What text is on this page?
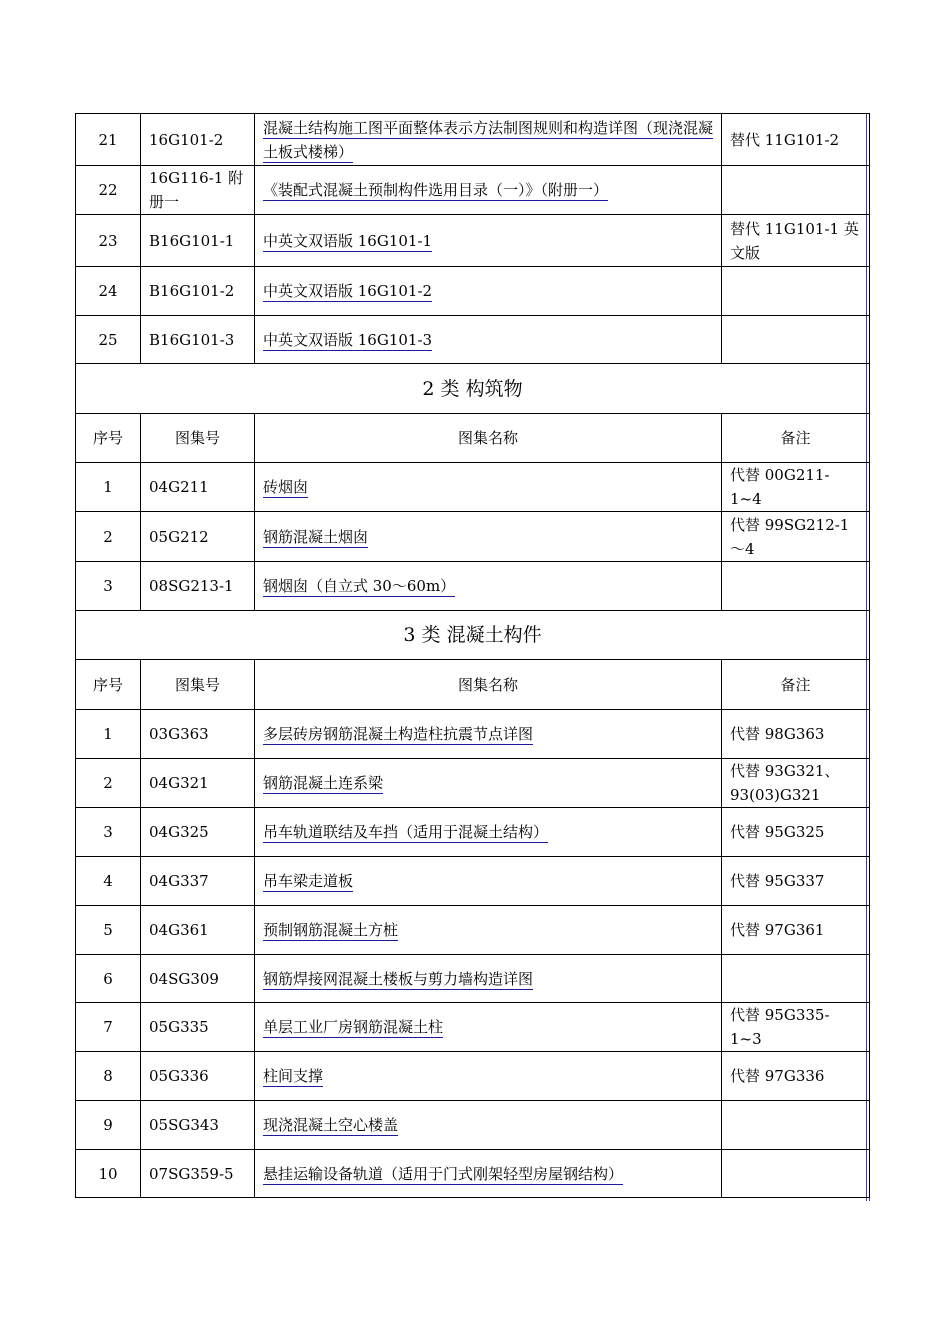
21	16G101-2	混凝土结构施工图平面整体表示方法制图规则和构造详图（现浇混凝土板式楼梯）	替代 11G101-2
22	16G116-1 附册一	《装配式混凝土预制构件选用目录（一）》（附册一）	
23	B16G101-1	中英文双语版 16G101-1	替代 11G101-1 英文版
24	B16G101-2	中英文双语版 16G101-2	
25	B16G101-3	中英文双语版 16G101-3	
2 类 构筑物			
序号	图集号	图集名称	备注
1	04G211	砖烟囱	代替 00G211-1~4
2	05G212	钢筋混凝土烟囱	代替 99SG212-1～4
3	08SG213-1	钢烟囱（自立式 30～60m）	
3 类 混凝土构件			
序号	图集号	图集名称	备注
1	03G363	多层砖房钢筋混凝土构造柱抗震节点详图	代替 98G363
2	04G321	钢筋混凝土连系梁	代替 93G321、93(03)G321
3	04G325	吊车轨道联结及车挡（适用于混凝土结构）	代替 95G325
4	04G337	吊车梁走道板	代替 95G337
5	04G361	预制钢筋混凝土方桩	代替 97G361
6	04SG309	钢筋焊接网混凝土楼板与剪力墙构造详图	
7	05G335	单层工业厂房钢筋混凝土柱	代替 95G335-1~3
8	05G336	柱间支撑	代替 97G336
9	05SG343	现浇混凝土空心楼盖	
10	07SG359-5	悬挂运输设备轨道（适用于门式刚架轻型房屋钢结构）	
